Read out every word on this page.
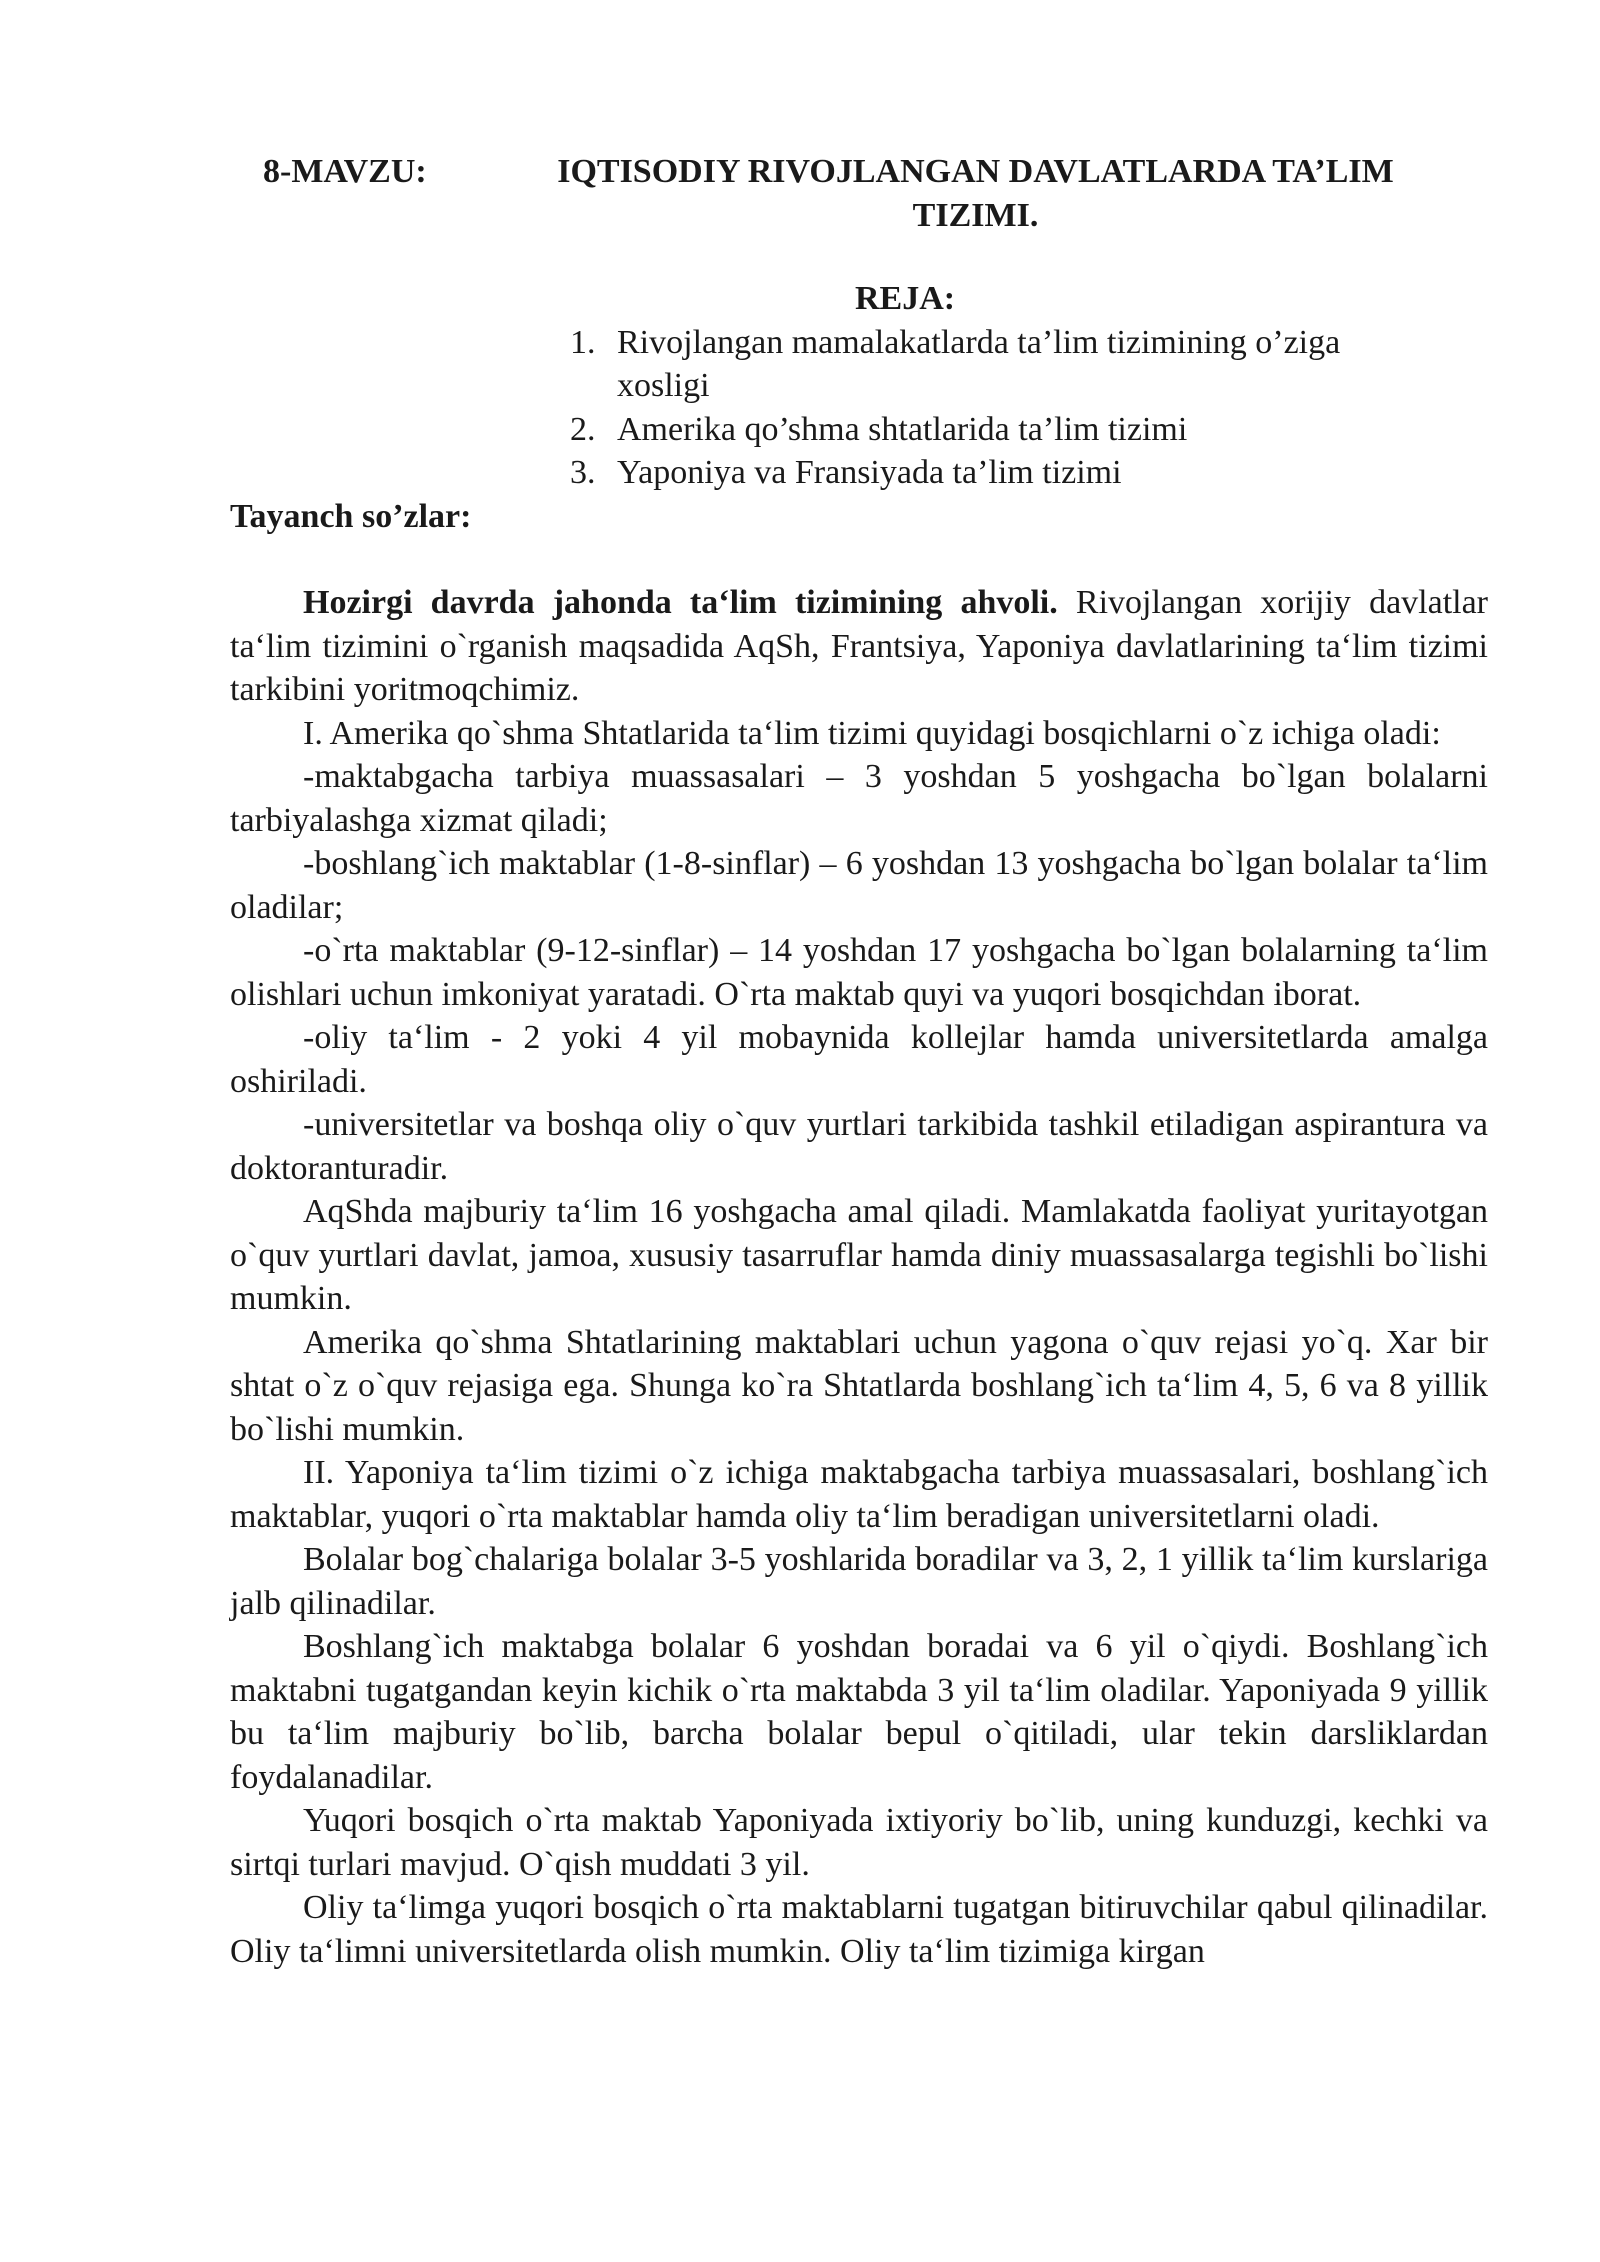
8-MAVZU:	IQTISODIY RIVOJLANGAN DAVLATLARDA TA’LIM
TIZIMI.
REJA:
1. Rivojlangan mamalakatlarda ta’lim tizimining o’ziga xosligi
2. Amerika qo’shma shtatlarida ta’lim tizimi
3. Yaponiya va Fransiyada ta’lim tizimi
Tayanch so’zlar:

Hozirgi davrda jahonda ta‘lim tizimining ahvoli. Rivojlangan xorijiy davlatlar ta‘lim tizimini o`rganish maqsadida AqSh, Frantsiya, Yaponiya davlatlarining ta‘lim tizimi tarkibini yoritmoqchimiz.

I. Amerika qo`shma Shtatlarida ta‘lim tizimi quyidagi bosqichlarni o`z ichiga oladi:

-maktabgacha tarbiya muassasalari – 3 yoshdan 5 yoshgacha bo`lgan bolalarni tarbiyalashga xizmat qiladi;

-boshlang`ich maktablar (1-8-sinflar) – 6 yoshdan 13 yoshgacha bo`lgan bolalar ta‘lim oladilar;

-o`rta maktablar (9-12-sinflar) – 14 yoshdan 17 yoshgacha bo`lgan bolalarning ta‘lim olishlari uchun imkoniyat yaratadi. O`rta maktab quyi va yuqori bosqichdan iborat.

-oliy ta‘lim - 2 yoki 4 yil mobaynida kollejlar hamda universitetlarda amalga oshiriladi.

-universitetlar va boshqa oliy o`quv yurtlari tarkibida tashkil etiladigan aspirantura va doktoranturadir.

AqShda majburiy ta‘lim 16 yoshgacha amal qiladi. Mamlakatda faoliyat yuritayotgan o`quv yurtlari davlat, jamoa, xususiy tasarruflar hamda diniy muassasalarga tegishli bo`lishi mumkin.

Amerika qo`shma Shtatlarining maktablari uchun yagona o`quv rejasi yo`q. Xar bir shtat o`z o`quv rejasiga ega. Shunga ko`ra Shtatlarda boshlang`ich ta‘lim 4, 5, 6 va 8 yillik bo`lishi mumkin.

II. Yaponiya ta‘lim tizimi o`z ichiga maktabgacha tarbiya muassasalari, boshlang`ich maktablar, yuqori o`rta maktablar hamda oliy ta‘lim beradigan universitetlarni oladi.

Bolalar bog`chalariga bolalar 3-5 yoshlarida boradilar va 3, 2, 1 yillik ta‘lim kurslariga jalb qilinadilar.

Boshlang`ich maktabga bolalar 6 yoshdan boradai va 6 yil o`qiydi. Boshlang`ich maktabni tugatgandan keyin kichik o`rta maktabda 3 yil ta‘lim oladilar. Yaponiyada 9 yillik bu ta‘lim majburiy bo`lib, barcha bolalar bepul o`qitiladi, ular tekin darsliklardan foydalanadilar.

Yuqori bosqich o`rta maktab Yaponiyada ixtiyoriy bo`lib, uning kunduzgi, kechki va sirtqi turlari mavjud. O`qish muddati 3 yil.

Oliy ta‘limga yuqori bosqich o`rta maktablarni tugatgan bitiruvchilar qabul qilinadilar. Oliy ta‘limni universitetlarda olish mumkin. Oliy ta‘lim tizimiga kirgan
